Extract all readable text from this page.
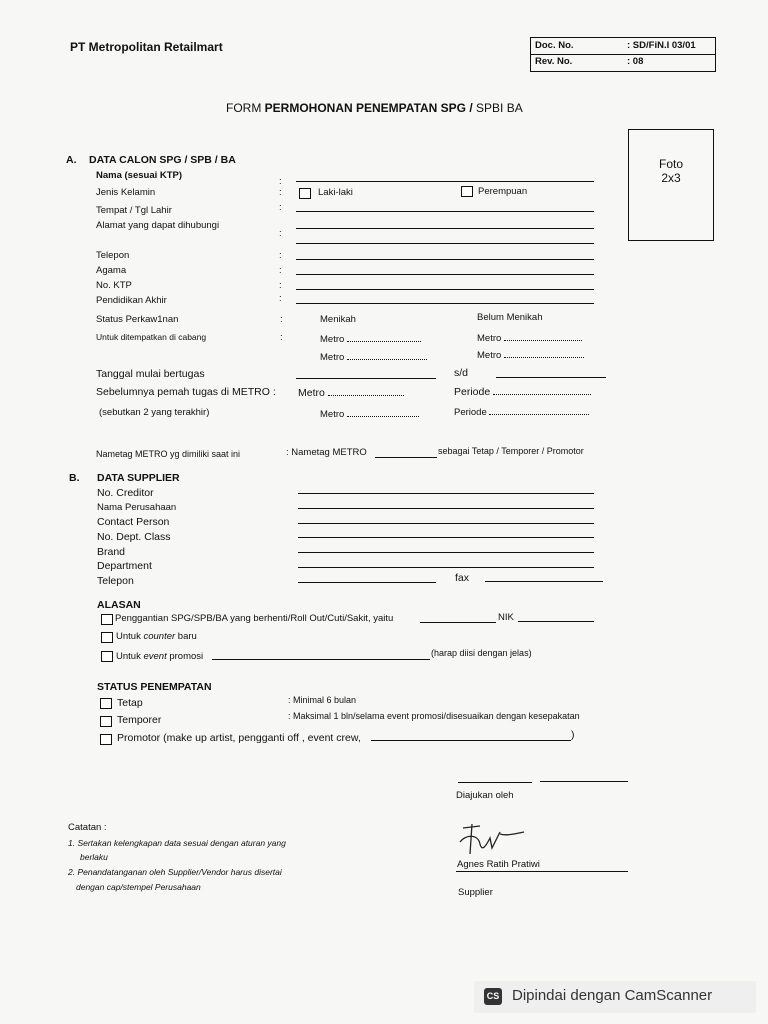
PT Metropolitan Retailmart	Doc. No.	: SD/FiN.I 03/01
Rev. No.	: 08
FORM PERMOHONAN PENEMPATAN SPG / SPBI BA
Foto
2x3
A. DATA CALON SPG / SPB / BA
Nama (sesuai KTP)
:
Jenis Kelamin	:	Laki-laki	Perempuan
Tempat / Tgl Lahir	:
Alamat yang dapat dihubungi
:
Telepon	:
Agama	:
No. KTP	:
Pendidikan Akhir	:
Status Perkaw1nan	:	Menikah	Belum Menikah
Untuk ditempatkan di cabang	:	Metro	Metro
Metro	Metro
Tanggal mulai bertugas	s/d
Sebelumnya pemah tugas di METRO : Metro	Periode
(sebutkan 2 yang terakhir)	Metro	Periode
Nametag METRO yg dimiliki saat ini	: Nametag METRO	sebagai Tetap / Temporer / Promotor
B. DATA SUPPLIER
No. Creditor
Nama Perusahaan
Contact Person
No. Dept. Class
Brand
Department
Telepon	fax
ALASAN
Penggantian SPG/SPB/BA yang berhenti/Roll Out/Cuti/Sakit, yaitu	NIK
Untuk counter baru
Untuk event promosi	(harap diisi dengan jelas)
STATUS PENEMPATAN
Tetap	: Minimal 6 bulan
Temporer	: Maksimal 1 bln/selama event promosi/disesuaikan dengan kesepakatan
Promotor (make up artist, pengganti off , event crew,	)
Diajukan oleh
Agnes Ratih Pratiwi
Supplier
Catatan :
1. Sertakan kelengkapan data sesuai dengan aturan yang
berlaku
2. Penandatanganan oleh Supplier/Vendor harus disertai
dengan cap/stempel Perusahaan
CS Dipindai dengan CamScanner
